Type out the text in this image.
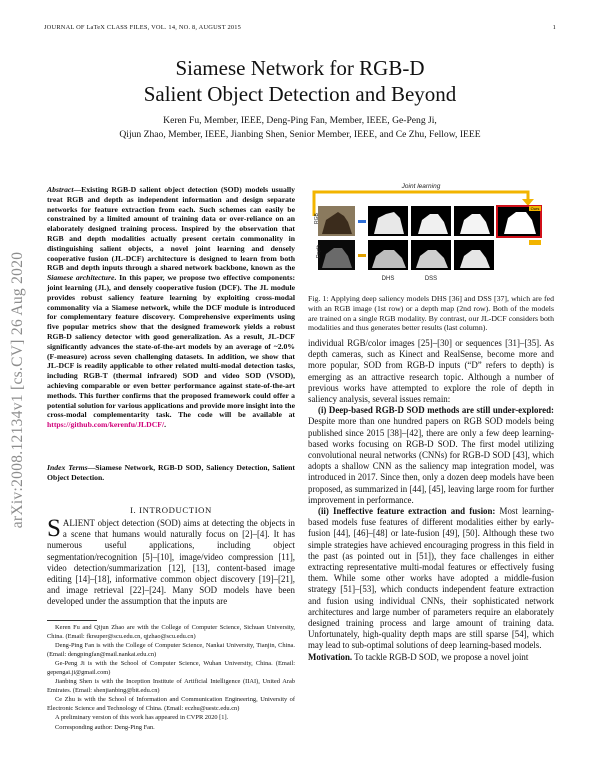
JOURNAL OF LaTeX CLASS FILES, VOL. 14, NO. 8, AUGUST 2015	1
arXiv:2008.12134v1 [cs.CV] 26 Aug 2020
Siamese Network for RGB-D
Salient Object Detection and Beyond
Keren Fu, Member, IEEE, Deng-Ping Fan, Member, IEEE, Ge-Peng Ji,
Qijun Zhao, Member, IEEE, Jianbing Shen, Senior Member, IEEE, and Ce Zhu, Fellow, IEEE
Abstract—Existing RGB-D salient object detection (SOD) models usually treat RGB and depth as independent information and design separate networks for feature extraction from each. Such schemes can easily be constrained by a limited amount of training data or over-reliance on an elaborately designed training process. Inspired by the observation that RGB and depth modalities actually present certain commonality in distinguishing salient objects, a novel joint learning and densely cooperative fusion (JL-DCF) architecture is designed to learn from both RGB and depth inputs through a shared network backbone, known as the Siamese architecture. In this paper, we propose two effective components: joint learning (JL), and densely cooperative fusion (DCF). The JL module provides robust saliency feature learning by exploiting cross-modal commonality via a Siamese network, while the DCF module is introduced for complementary feature discovery. Comprehensive experiments using five popular metrics show that the designed framework yields a robust RGB-D saliency detector with good generalization. As a result, JL-DCF significantly advances the state-of-the-art models by an average of ~2.0% (F-measure) across seven challenging datasets. In addition, we show that JL-DCF is readily applicable to other related multi-modal detection tasks, including RGB-T (thermal infrared) SOD and video SOD (VSOD), achieving comparable or even better performance against state-of-the-art methods. This further confirms that the proposed framework could offer a potential solution for various applications and provide more insight into the cross-modal complementarity task. The code will be available at https://github.com/kerenfu/JLDCF/.
Index Terms—Siamese Network, RGB-D SOD, Saliency Detection, Salient Object Detection.
I. INTRODUCTION
SALIENT object detection (SOD) aims at detecting the objects in a scene that humans would naturally focus on [2]–[4]. It has numerous useful applications, including object segmentation/recognition [5]–[10], image/video compression [11], video detection/summarization [12], [13], content-based image editing [14]–[18], informative common object discovery [19]–[21], and image retrieval [22]–[24]. Many SOD models have been developed under the assumption that the inputs are

Keren Fu and Qijun Zhao are with the College of Computer Science, Sichuan University, China. (Email: fkrsuper@scu.edu.cn, qjzhao@scu.edu.cn)

Deng-Ping Fan is with the College of Computer Science, Nankai University, Tianjin, China. (Email: dengpingfan@mail.nankai.edu.cn)

Ge-Peng Ji is with the School of Computer Science, Wuhan University, China. (Email: gepengai.ji@gmail.com)

Jianbing Shen is with the Inception Institute of Artificial Intelligence (IIAI), United Arab Emirates. (Email: shenjianbing@bit.edu.cn)

Ce Zhu is with the School of Information and Communication Engineering, University of Electronic Science and Technology of China. (Email: eczhu@uestc.edu.cn)

A preliminary version of this work has appeared in CVPR 2020 [1].

Corresponding author: Deng-Ping Fan.

Joint learning
RGB
Ours
Depth
DHS	DSS
Fig. 1: Applying deep saliency models DHS [36] and DSS [37], which are fed with an RGB image (1st row) or a depth map (2nd row). Both of the models are trained on a single RGB modality. By contrast, our JL-DCF considers both modalities and thus generates better results (last column).

individual RGB/color images [25]–[30] or sequences [31]–[35]. As depth cameras, such as Kinect and RealSense, become more and more popular, SOD from RGB-D inputs (“D” refers to depth) is emerging as an attractive research topic. Although a number of previous works have attempted to explore the role of depth in saliency analysis, several issues remain:

(i) Deep-based RGB-D SOD methods are still under-explored: Despite more than one hundred papers on RGB SOD models being published since 2015 [38]–[42], there are only a few deep learning-based works focusing on RGB-D SOD. The first model utilizing convolutional neural networks (CNNs) for RGB-D SOD [43], which adopts a shallow CNN as the saliency map integration model, was introduced in 2017. Since then, only a dozen deep models have been proposed, as summarized in [44], [45], leaving large room for further improvement in performance.

(ii) Ineffective feature extraction and fusion: Most learning-based models fuse features of different modalities either by early-fusion [44], [46]–[48] or late-fusion [49], [50]. Although these two simple strategies have achieved encouraging progress in this field in the past (as pointed out in [51]), they face challenges in either extracting representative multi-modal features or effectively fusing them. While some other works have adopted a middle-fusion strategy [51]–[53], which conducts independent feature extraction and fusion using individual CNNs, their sophisticated network architectures and large number of parameters require an elaborately designed training process and large amount of training data. Unfortunately, high-quality depth maps are still sparse [54], which may lead to sub-optimal solutions of deep learning-based models.

Motivation. To tackle RGB-D SOD, we propose a novel joint
